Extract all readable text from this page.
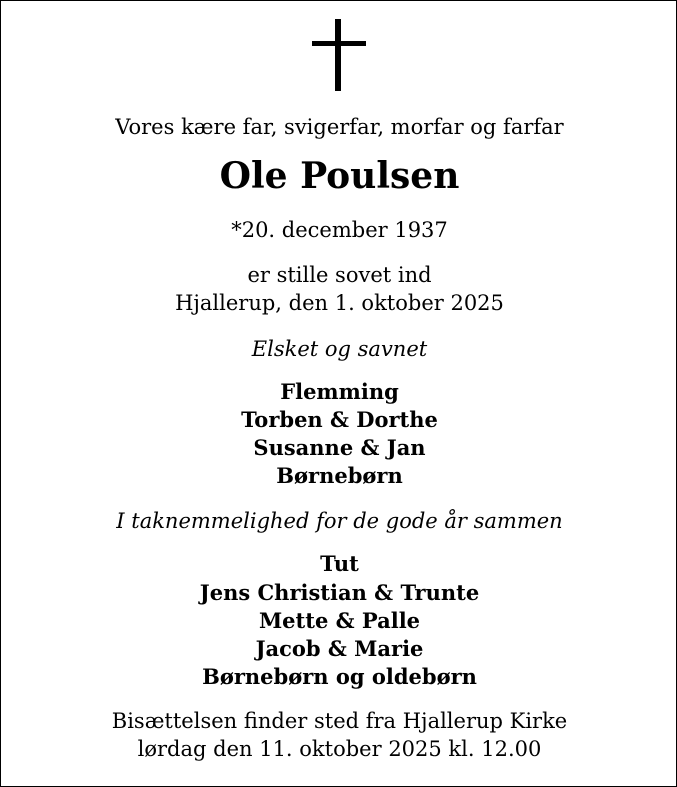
Vores kære far, svigerfar, morfar og farfar
Ole Poulsen
*20. december 1937
er stille sovet ind
Hjallerup, den 1. oktober 2025
Elsket og savnet
Flemming
Torben & Dorthe
Susanne & Jan
Børnebørn
I taknemmelighed for de gode år sammen
Tut
Jens Christian & Trunte
Mette & Palle
Jacob & Marie
Børnebørn og oldebørn
Bisættelsen finder sted fra Hjallerup Kirke
lørdag den 11. oktober 2025 kl. 12.00
